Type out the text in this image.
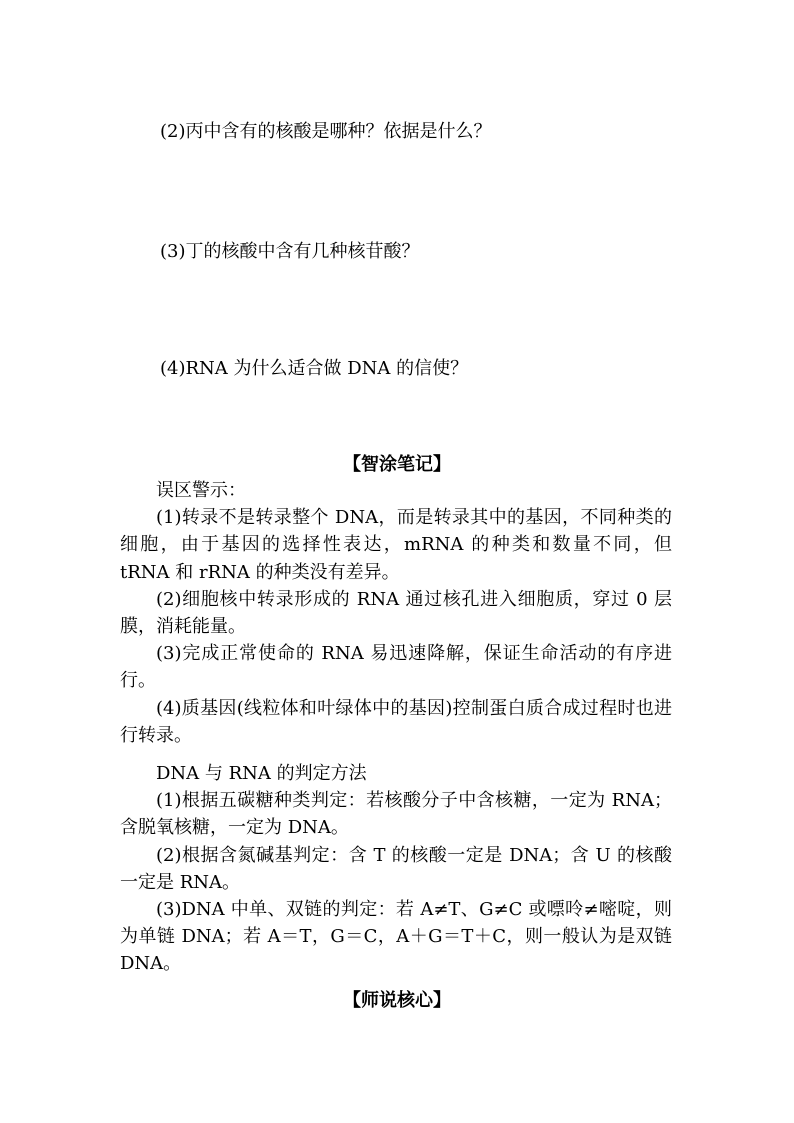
(2)丙中含有的核酸是哪种？依据是什么？
(3)丁的核酸中含有几种核苷酸？
(4)RNA 为什么适合做 DNA 的信使？
【智涂笔记】

误区警示：

(1)转录不是转录整个 DNA，而是转录其中的基因，不同种类的细胞，由于基因的选择性表达，mRNA 的种类和数量不同，但 tRNA 和 rRNA 的种类没有差异。

(2)细胞核中转录形成的 RNA 通过核孔进入细胞质，穿过 0 层膜，消耗能量。

(3)完成正常使命的 RNA 易迅速降解，保证生命活动的有序进行。

(4)质基因(线粒体和叶绿体中的基因)控制蛋白质合成过程时也进行转录。

DNA 与 RNA 的判定方法

(1)根据五碳糖种类判定：若核酸分子中含核糖，一定为 RNA；含脱氧核糖，一定为 DNA。

(2)根据含氮碱基判定：含 T 的核酸一定是 DNA；含 U 的核酸一定是 RNA。

(3)DNA 中单、双链的判定：若 A≠T、G≠C 或嘌呤≠嘧啶，则为单链 DNA；若 A＝T，G＝C，A＋G＝T＋C，则一般认为是双链 DNA。

【师说核心】
